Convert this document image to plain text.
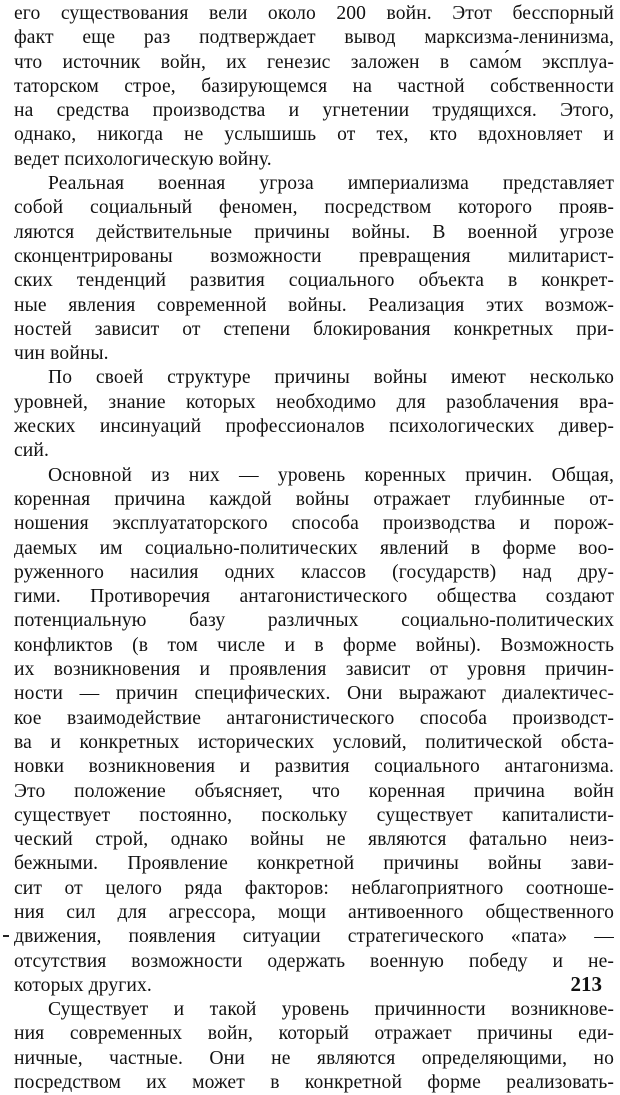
его существования вели около 200 войн. Этот бесспорный
факт еще раз подтверждает вывод марксизма-ленинизма,
что источник войн, их генезис заложен в само́м эксплуа-
таторском строе, базирующемся на частной собственности
на средства производства и угнетении трудящихся. Этого,
однако, никогда не услышишь от тех, кто вдохновляет и
ведет психологическую войну.
Реальная военная угроза империализма представляет
собой социальный феномен, посредством которого прояв-
ляются действительные причины войны. В военной угрозе
сконцентрированы возможности превращения милитарист-
ских тенденций развития социального объекта в конкрет-
ные явления современной войны. Реализация этих возмож-
ностей зависит от степени блокирования конкретных при-
чин войны.
По своей структуре причины войны имеют несколько
уровней, знание которых необходимо для разоблачения вра-
жеских инсинуаций профессионалов психологических дивер-
сий.
Основной из них — уровень коренных причин. Общая,
коренная причина каждой войны отражает глубинные от-
ношения эксплуататорского способа производства и порож-
даемых им социально-политических явлений в форме воо-
руженного насилия одних классов (государств) над дру-
гими. Противоречия антагонистического общества создают
потенциальную базу различных социально-политических
конфликтов (в том числе и в форме войны). Возможность
их возникновения и проявления зависит от уровня причин-
ности — причин специфических. Они выражают диалектичес-
кое взаимодействие антагонистического способа производст-
ва и конкретных исторических условий, политической обста-
новки возникновения и развития социального антагонизма.
Это положение объясняет, что коренная причина войн
существует постоянно, поскольку существует капиталисти-
ческий строй, однако войны не являются фатально неиз-
бежными. Проявление конкретной причины войны зави-
сит от целого ряда факторов: неблагоприятного соотноше-
ния сил для агрессора, мощи антивоенного общественного
движения, появления ситуации стратегического «пата» —
отсутствия возможности одержать военную победу и не-
которых других.
Существует и такой уровень причинности возникнове-
ния современных войн, который отражает причины еди-
ничные, частные. Они не являются определяющими, но
посредством их может в конкретной форме реализовать-
213
